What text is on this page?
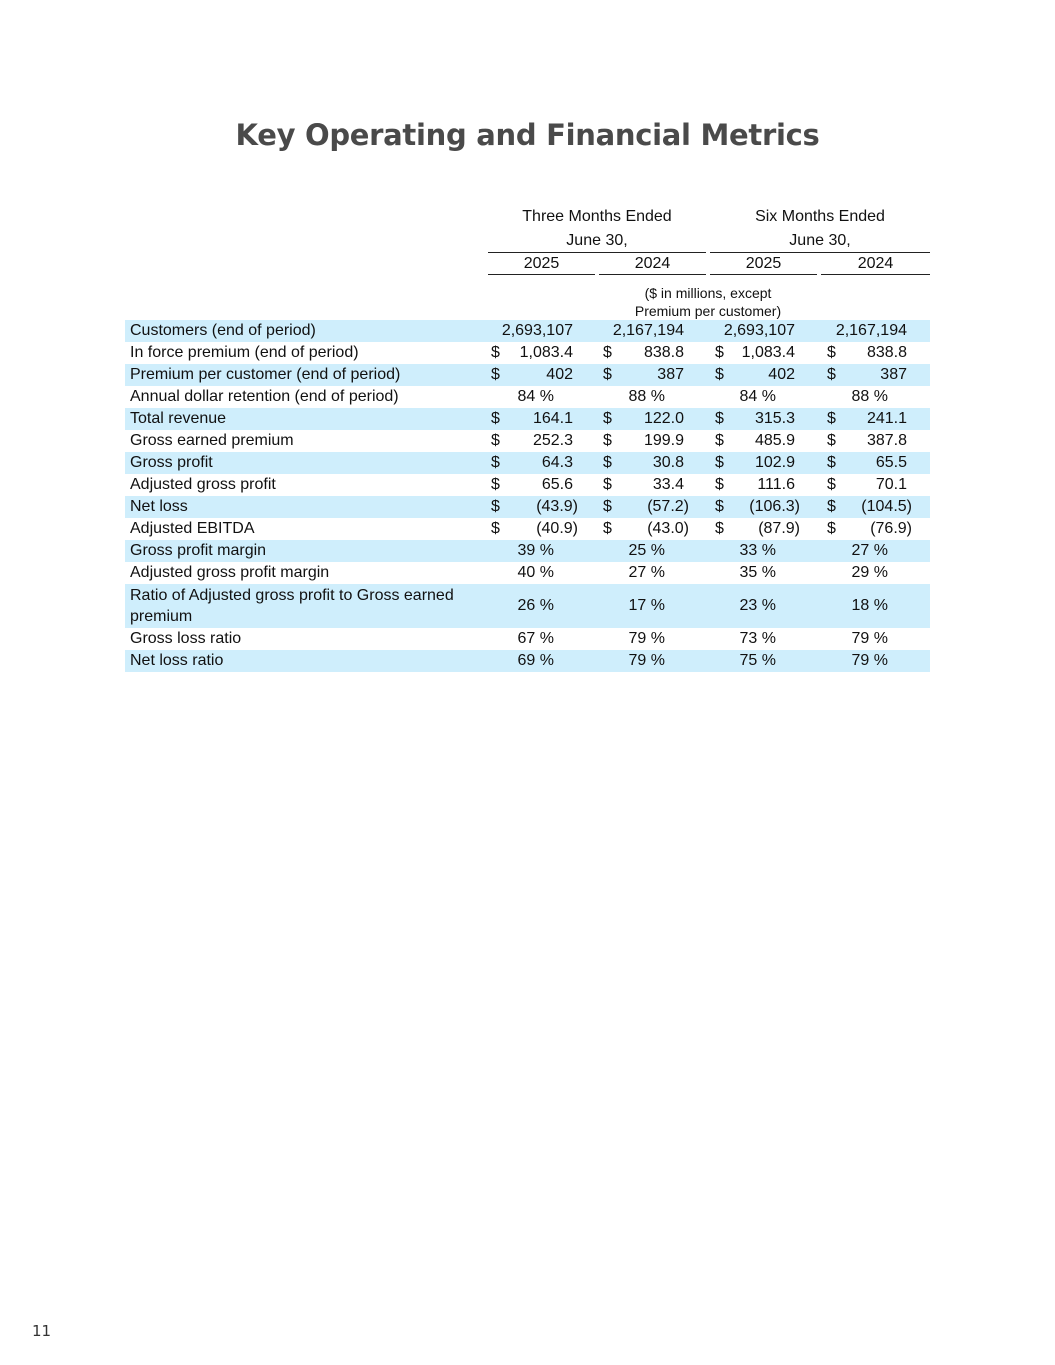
Key Operating and Financial Metrics
Three Months Ended
June 30,
Six Months Ended
June 30,
2025	2024	2025	2024
($ in millions, except
Premium per customer)
Customers (end of period)	2,693,107 2,167,194 2,693,107	2,167,194
In force premium (end of period)	$ 1,083.4 $ 838.8 $ 1,083.4 $ 838.8
Premium per customer (end of period)	$	402 $	387 $	402 $	387
Annual dollar retention (end of period)	84 %	88 %	84 %	88 %
Total revenue	$ 164.1 $ 122.0 $ 315.3 $ 241.1
Gross earned premium	$ 252.3 $ 199.9 $ 485.9 $ 387.8
Gross profit	$	64.3 $	30.8 $ 102.9 $ 65.5
Adjusted gross profit	$	65.6 $	33.4 $ 111.6 $ 70.1
Net loss	$ (43.9) $ (57.2) $ (106.3) $ (104.5)
Adjusted EBITDA	$ (40.9) $ (43.0) $ (87.9) $ (76.9)
Gross profit margin	39 %	25 %	33 %	27 %
Adjusted gross profit margin	40 %	27 %	35 %	29 %
Ratio of Adjusted gross profit to Gross earned premium
26 %	17 %	23 %	18 %
Gross loss ratio	67 %	79 %	73 %	79 %
Net loss ratio	69 %	79 %	75 %	79 %
11
